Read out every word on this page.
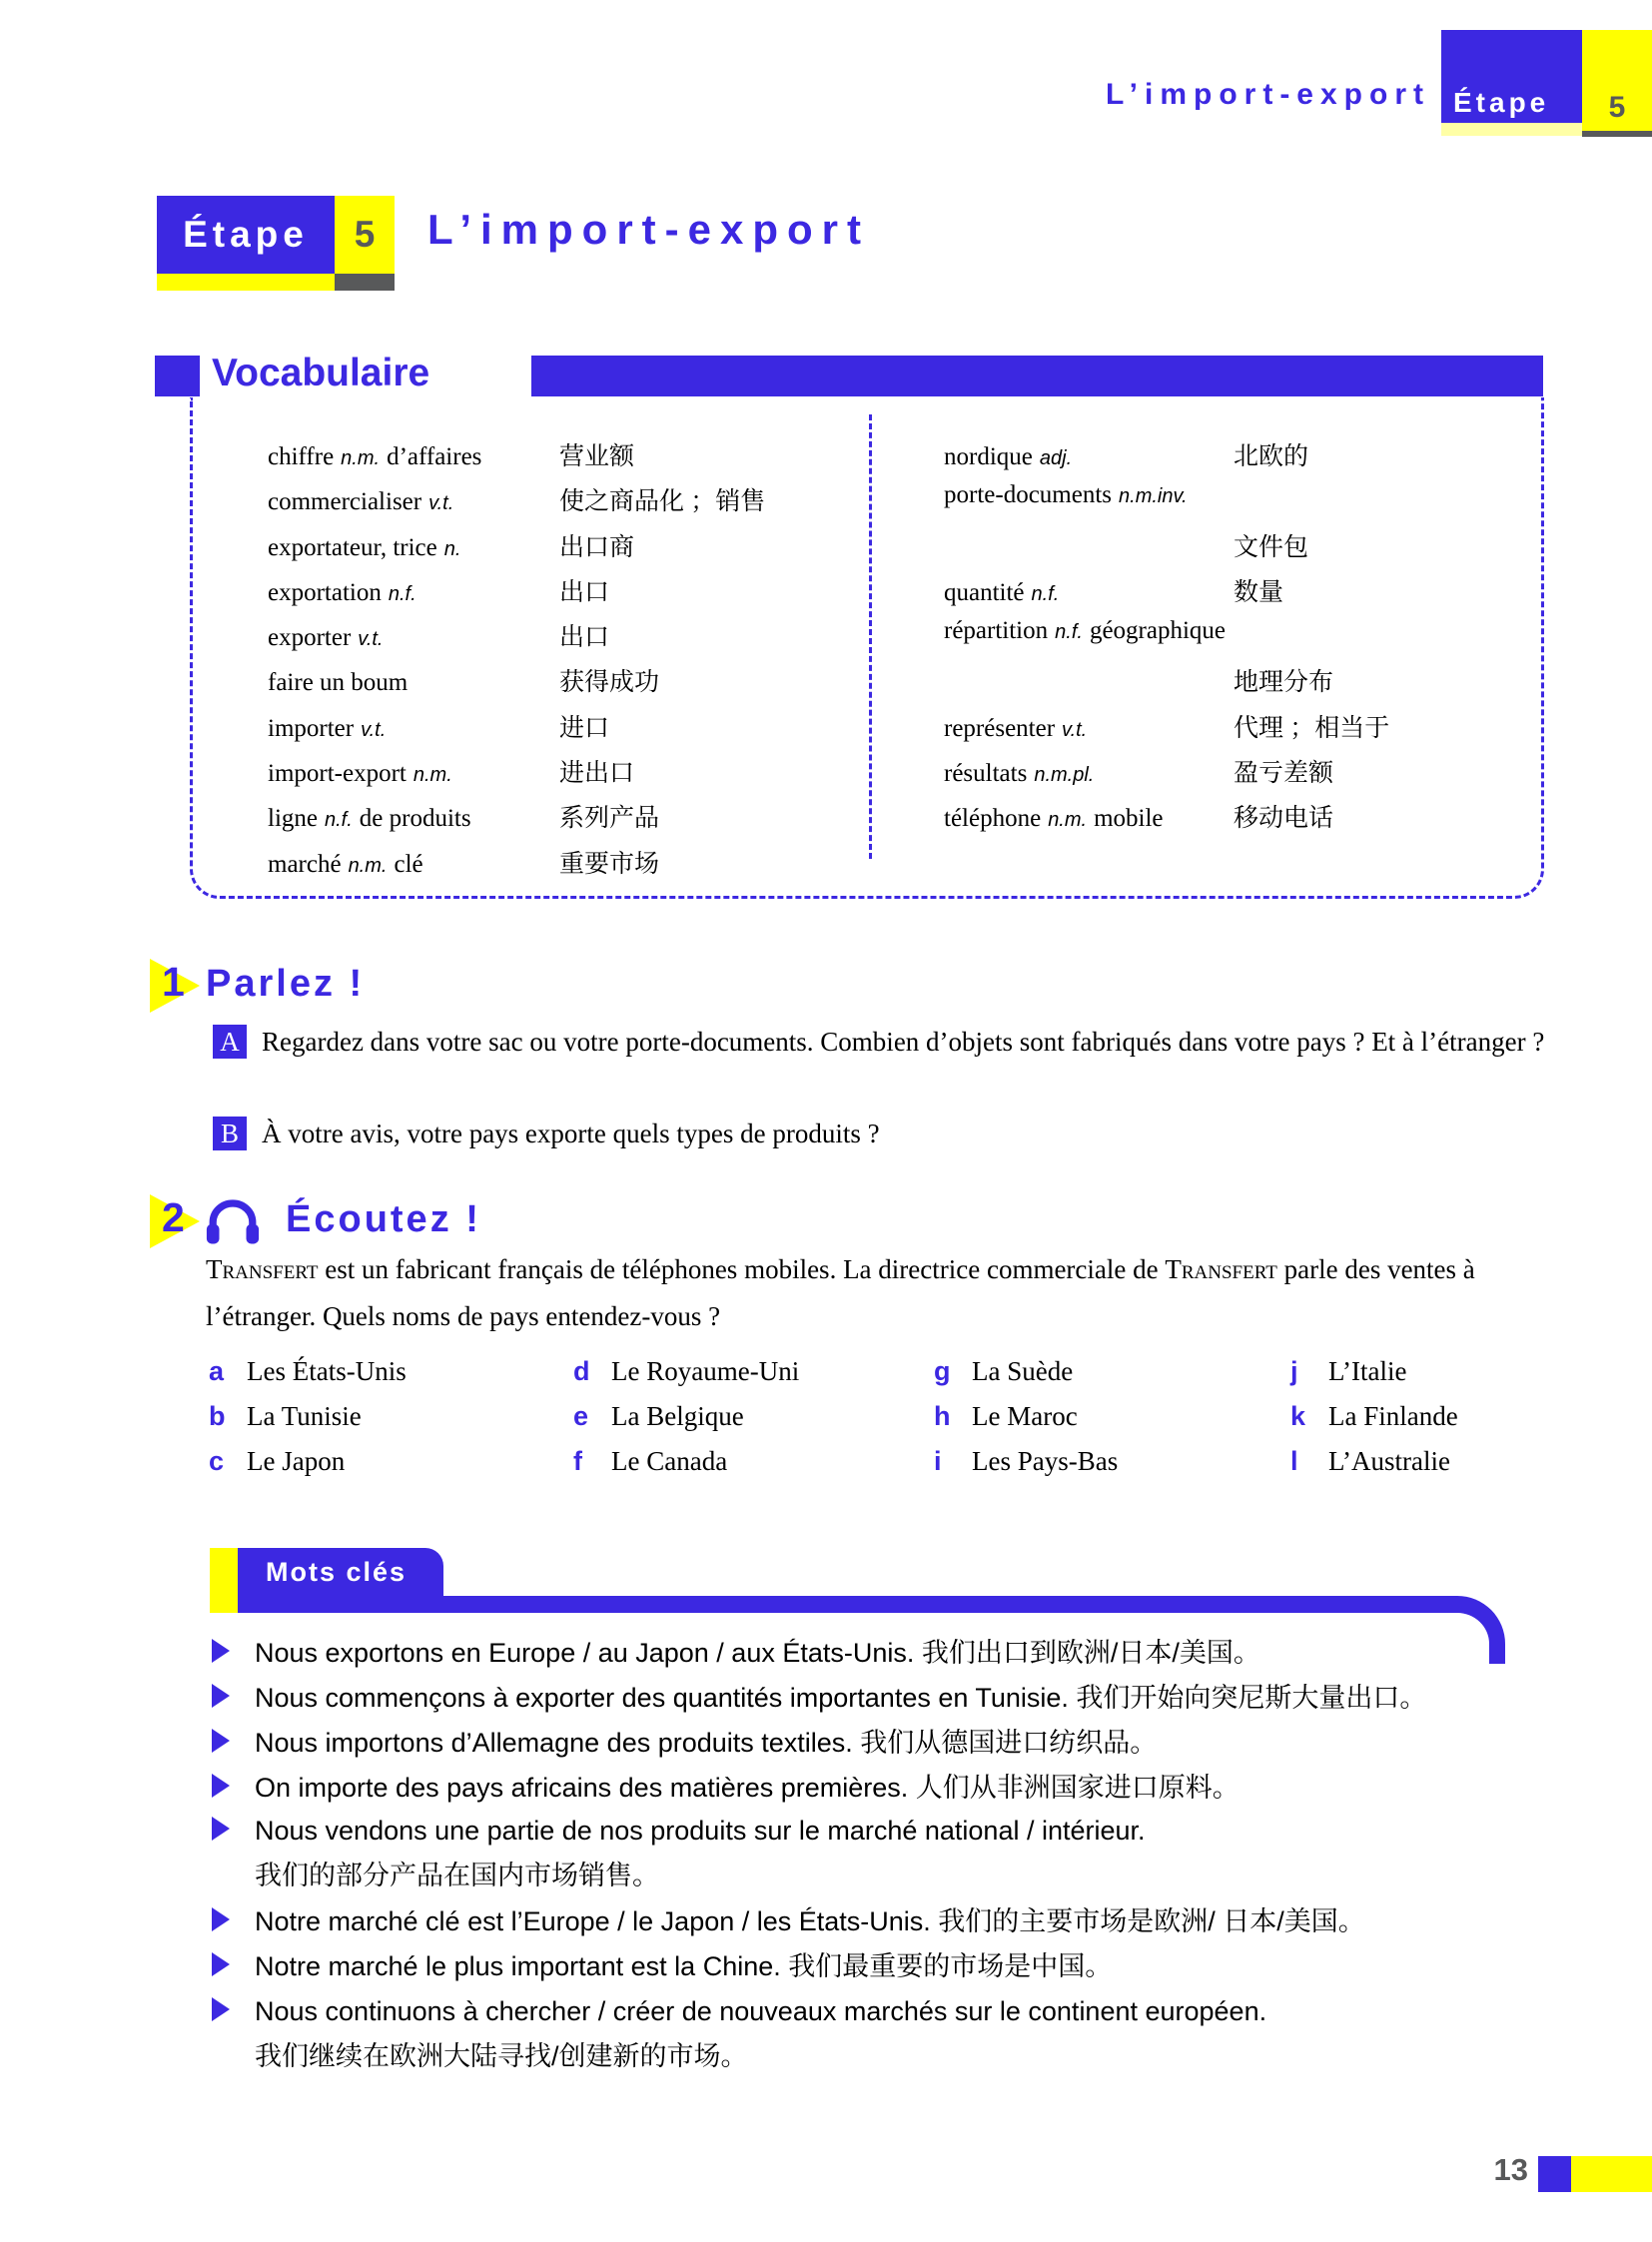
L’import-export Étape 5
Étape 5 L’import-export
Vocabulaire
chiffre n.m. d’affaires	营业额
commercialiser v.t.	使之商品化 ；销售
exportateur, trice n.	出口商
exportation n.f.	出口
exporter v.t.	出口
faire un boum	获得成功
importer v.t.	进口
import-export n.m.	进出口
ligne n.f. de produits	系列产品
marché n.m. clé	重要市场
nordique adj.	北欧的
porte-documents n.m.inv.
文件包
quantité n.f.	数量
répartition n.f. géographique
地理分布
représenter v.t.	代理 ；相当于
résultats n.m.pl.	盈亏差额
téléphone n.m. mobile	移动电话
1 Parlez !
A Regardez dans votre sac ou votre porte-documents. Combien d’objets sont fabriqués dans votre pays ? Et à l’étranger ?
B À votre avis, votre pays exporte quels types de produits ?
2	Écoutez !
Transfert est un fabricant français de téléphones mobiles. La directrice commerciale de Transfert parle des ventes à l’étranger. Quels noms de pays entendez-vous ?
a Les États-Unis
b La Tunisie
c Le Japon
d Le Royaume-Uni
e La Belgique
f	Le Canada
g La Suède
h Le Maroc
i	Les Pays-Bas
j	L’Italie
k La Finlande
l	L’Australie
Mots clés
Nous exportons en Europe / au Japon / aux États-Unis. 我们出口到欧洲/日本/美国。
Nous commençons à exporter des quantités importantes en Tunisie. 我们开始向突尼斯大量出口。
Nous importons d’Allemagne des produits textiles. 我们从德国进口纺织品。
On importe des pays africains des matières premières. 人们从非洲国家进口原料。
Nous vendons une partie de nos produits sur le marché national / intérieur.
我们的部分产品在国内市场销售。
Notre marché clé est l’Europe / le Japon / les États-Unis. 我们的主要市场是欧洲/ 日本/美国。
Notre marché le plus important est la Chine. 我们最重要的市场是中国。
Nous continuons à chercher / créer de nouveaux marchés sur le continent européen.
我们继续在欧洲大陆寻找/创建新的市场。
13
